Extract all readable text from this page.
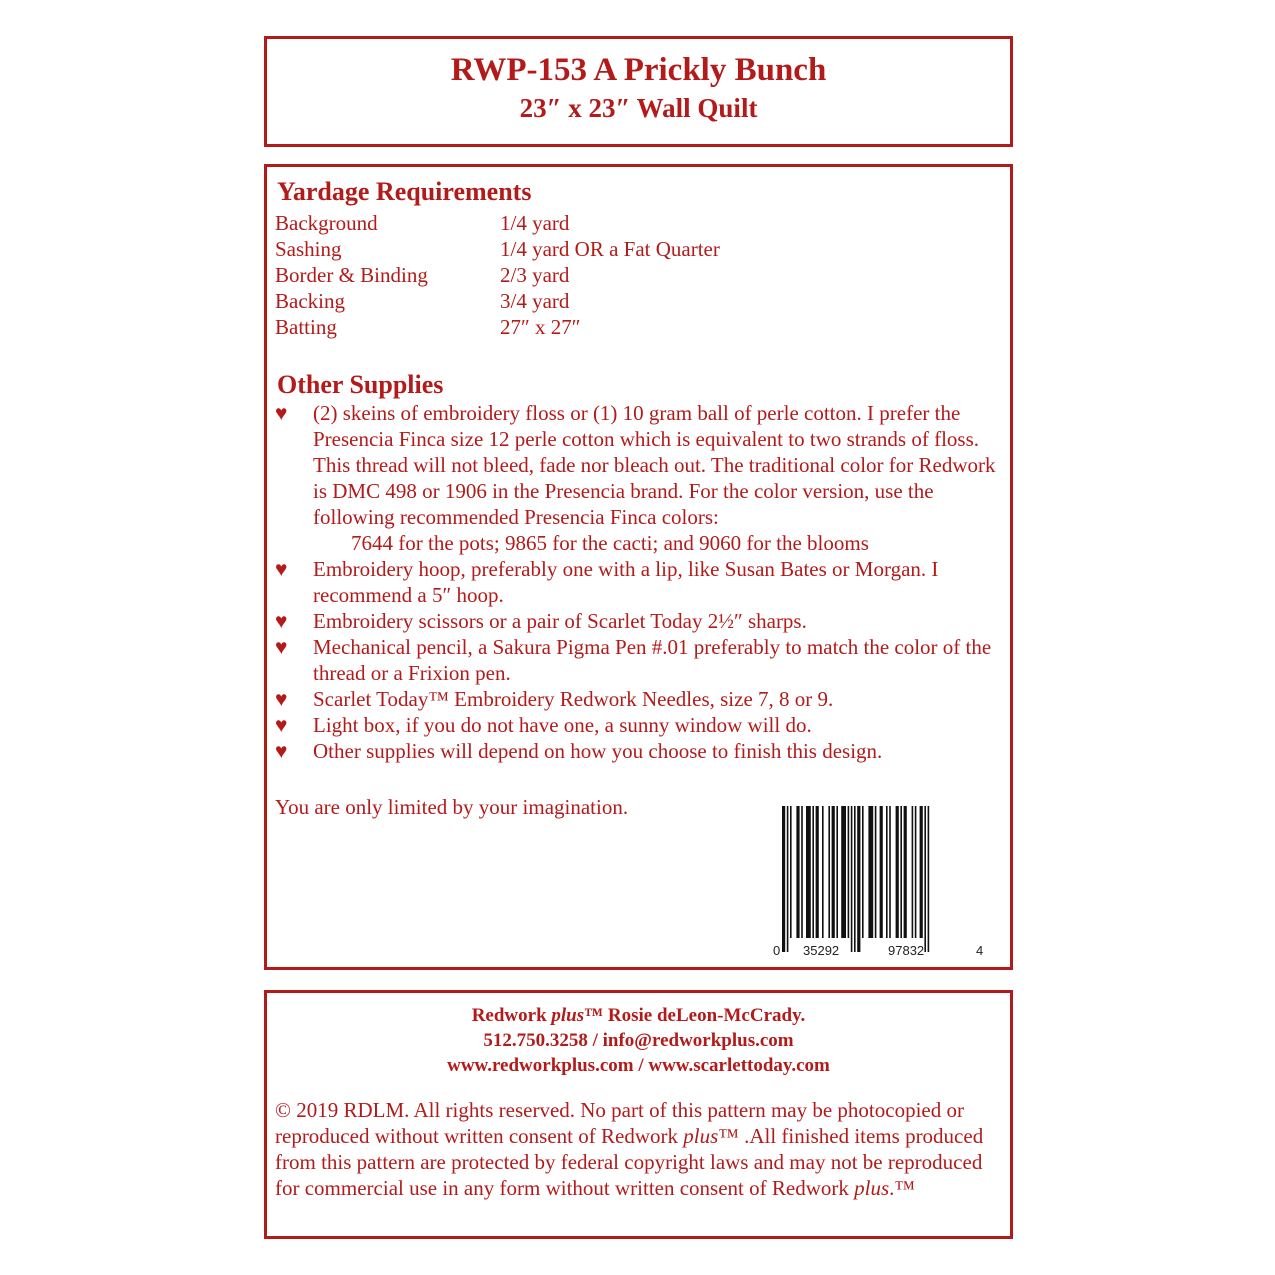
RWP-153 A Prickly Bunch
23″ x 23″ Wall Quilt
Yardage Requirements
Background	1/4 yard
Sashing	1/4 yard OR a Fat Quarter
Border & Binding	2/3 yard
Backing	3/4 yard
Batting	27″ x 27″
Other Supplies
♥ (2) skeins of embroidery floss or (1) 10 gram ball of perle cotton. I prefer the Presencia Finca size 12 perle cotton which is equivalent to two strands of floss. This thread will not bleed, fade nor bleach out. The traditional color for Redwork is DMC 498 or 1906 in the Presencia brand. For the color version, use the following recommended Presencia Finca colors:
7644 for the pots; 9865 for the cacti; and 9060 for the blooms
♥ Embroidery hoop, preferably one with a lip, like Susan Bates or Morgan. I recommend a 5″ hoop.
♥ Embroidery scissors or a pair of Scarlet Today 2½″ sharps.
♥ Mechanical pencil, a Sakura Pigma Pen #.01 preferably to match the color of the thread or a Frixion pen.
♥ Scarlet Today™ Embroidery Redwork Needles, size 7, 8 or 9.
♥ Light box, if you do not have one, a sunny window will do.
♥ Other supplies will depend on how you choose to finish this design.
You are only limited by your imagination.
0 35292	97832	4
Redwork plus™ Rosie deLeon-McCrady.
512.750.3258 / info@redworkplus.com
www.redworkplus.com / www.scarlettoday.com
© 2019 RDLM. All rights reserved. No part of this pattern may be photocopied or reproduced without written consent of Redwork plus™ .All finished items produced from this pattern are protected by federal copyright laws and may not be reproduced for commercial use in any form without written consent of Redwork plus.™
